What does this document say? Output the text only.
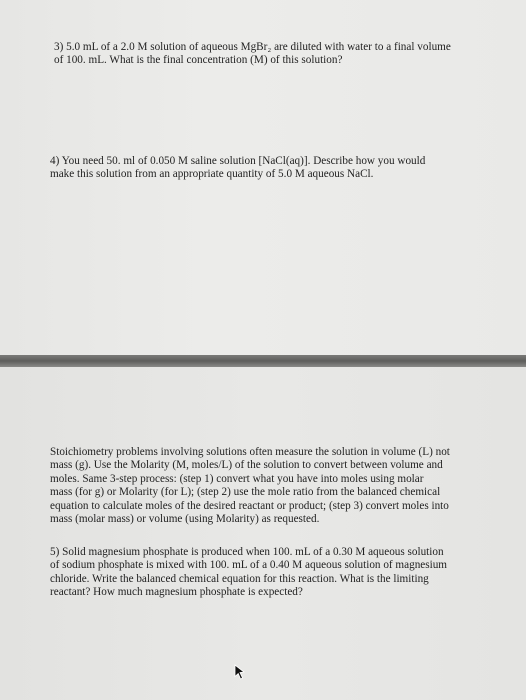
3) 5.0 mL of a 2.0 M solution of aqueous MgBr₂ are diluted with water to a final volume
of 100. mL. What is the final concentration (M) of this solution?

4) You need 50. ml of 0.050 M saline solution [NaCl(aq)]. Describe how you would
make this solution from an appropriate quantity of 5.0 M aqueous NaCl.

Stoichiometry problems involving solutions often measure the solution in volume (L) not
mass (g). Use the Molarity (M, moles/L) of the solution to convert between volume and
moles. Same 3-step process: (step 1) convert what you have into moles using molar
mass (for g) or Molarity (for L); (step 2) use the mole ratio from the balanced chemical
equation to calculate moles of the desired reactant or product; (step 3) convert moles into
mass (molar mass) or volume (using Molarity) as requested.

5) Solid magnesium phosphate is produced when 100. mL of a 0.30 M aqueous solution
of sodium phosphate is mixed with 100. mL of a 0.40 M aqueous solution of magnesium
chloride. Write the balanced chemical equation for this reaction. What is the limiting
reactant? How much magnesium phosphate is expected?
